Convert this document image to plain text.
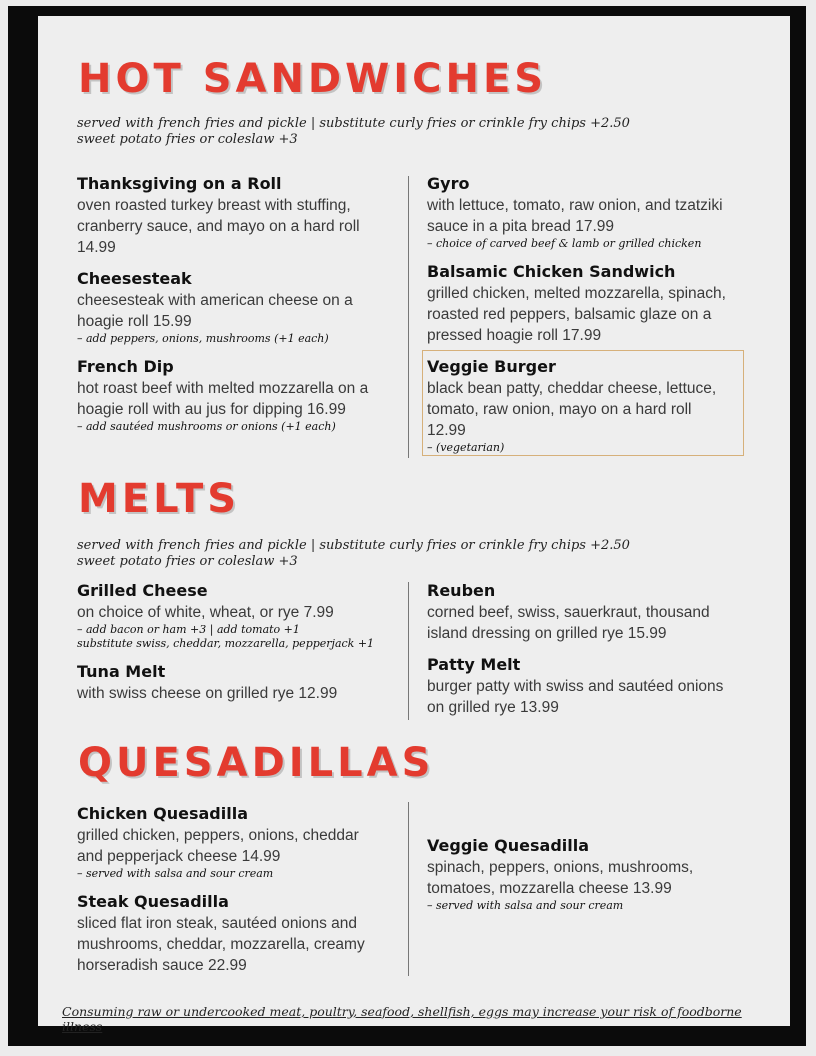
HOT SANDWICHES

served with french fries and pickle | substitute curly fries or crinkle fry chips +2.50
sweet potato fries or coleslaw +3

Thanksgiving on a Roll
oven roasted turkey breast with stuffing, cranberry sauce, and mayo on a hard roll 14.99
Cheesesteak
cheesesteak with american cheese on a hoagie roll 15.99
– add peppers, onions, mushrooms (+1 each)
French Dip
hot roast beef with melted mozzarella on a hoagie roll with au jus for dipping 16.99
– add sautéed mushrooms or onions (+1 each)
Gyro
with lettuce, tomato, raw onion, and tzatziki sauce in a pita bread 17.99
– choice of carved beef & lamb or grilled chicken
Balsamic Chicken Sandwich
grilled chicken, melted mozzarella, spinach, roasted red peppers, balsamic glaze on a pressed hoagie roll 17.99
Veggie Burger
black bean patty, cheddar cheese, lettuce, tomato, raw onion, mayo on a hard roll 12.99
– (vegetarian)
MELTS

served with french fries and pickle | substitute curly fries or crinkle fry chips +2.50
sweet potato fries or coleslaw +3

Grilled Cheese
on choice of white, wheat, or rye 7.99
– add bacon or ham +3 | add tomato +1
substitute swiss, cheddar, mozzarella, pepperjack +1
Tuna Melt
with swiss cheese on grilled rye 12.99
Reuben
corned beef, swiss, sauerkraut, thousand island dressing on grilled rye 15.99
Patty Melt
burger patty with swiss and sautéed onions on grilled rye 13.99
QUESADILLAS
Chicken Quesadilla
grilled chicken, peppers, onions, cheddar and pepperjack cheese 14.99
– served with salsa and sour cream
Steak Quesadilla
sliced flat iron steak, sautéed onions and mushrooms, cheddar, mozzarella, creamy horseradish sauce 22.99
Veggie Quesadilla
spinach, peppers, onions, mushrooms, tomatoes, mozzarella cheese 13.99
– served with salsa and sour cream

Consuming raw or undercooked meat, poultry, seafood, shellfish, eggs may increase your risk of foodborne illness
